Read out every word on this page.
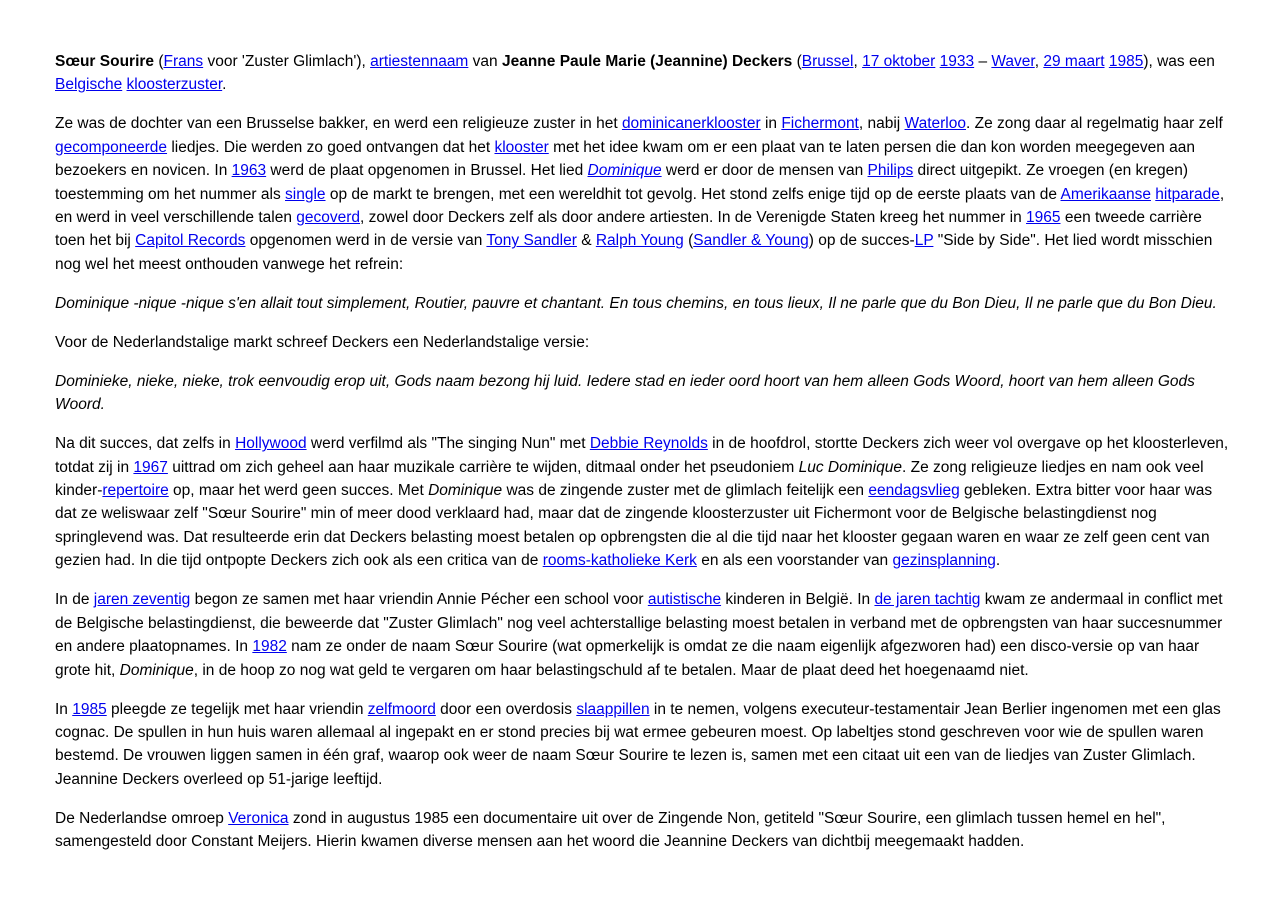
Sœur Sourire (Frans voor 'Zuster Glimlach'), artiestennaam van Jeanne Paule Marie (Jeannine) Deckers (Brussel, 17 oktober 1933 – Waver, 29 maart 1985), was een Belgische kloosterzuster.

Ze was de dochter van een Brusselse bakker, en werd een religieuze zuster in het dominicanerklooster in Fichermont, nabij Waterloo. Ze zong daar al regelmatig haar zelf gecomponeerde liedjes. Die werden zo goed ontvangen dat het klooster met het idee kwam om er een plaat van te laten persen die dan kon worden meegegeven aan bezoekers en novicen. In 1963 werd de plaat opgenomen in Brussel. Het lied Dominique werd er door de mensen van Philips direct uitgepikt. Ze vroegen (en kregen) toestemming om het nummer als single op de markt te brengen, met een wereldhit tot gevolg. Het stond zelfs enige tijd op de eerste plaats van de Amerikaanse hitparade, en werd in veel verschillende talen gecoverd, zowel door Deckers zelf als door andere artiesten. In de Verenigde Staten kreeg het nummer in 1965 een tweede carrière toen het bij Capitol Records opgenomen werd in de versie van Tony Sandler & Ralph Young (Sandler & Young) op de succes-LP "Side by Side". Het lied wordt misschien nog wel het meest onthouden vanwege het refrein:

Dominique -nique -nique s'en allait tout simplement, Routier, pauvre et chantant. En tous chemins, en tous lieux, Il ne parle que du Bon Dieu, Il ne parle que du Bon Dieu.

Voor de Nederlandstalige markt schreef Deckers een Nederlandstalige versie:

Dominieke, nieke, nieke, trok eenvoudig erop uit, Gods naam bezong hij luid. Iedere stad en ieder oord hoort van hem alleen Gods Woord, hoort van hem alleen Gods Woord.

Na dit succes, dat zelfs in Hollywood werd verfilmd als "The singing Nun" met Debbie Reynolds in de hoofdrol, stortte Deckers zich weer vol overgave op het kloosterleven, totdat zij in 1967 uittrad om zich geheel aan haar muzikale carrière te wijden, ditmaal onder het pseudoniem Luc Dominique. Ze zong religieuze liedjes en nam ook veel kinder-repertoire op, maar het werd geen succes. Met Dominique was de zingende zuster met de glimlach feitelijk een eendagsvlieg gebleken. Extra bitter voor haar was dat ze weliswaar zelf "Sœur Sourire" min of meer dood verklaard had, maar dat de zingende kloosterzuster uit Fichermont voor de Belgische belastingdienst nog springlevend was. Dat resulteerde erin dat Deckers belasting moest betalen op opbrengsten die al die tijd naar het klooster gegaan waren en waar ze zelf geen cent van gezien had. In die tijd ontpopte Deckers zich ook als een critica van de rooms-katholieke Kerk en als een voorstander van gezinsplanning.

In de jaren zeventig begon ze samen met haar vriendin Annie Pécher een school voor autistische kinderen in België. In de jaren tachtig kwam ze andermaal in conflict met de Belgische belastingdienst, die beweerde dat "Zuster Glimlach" nog veel achterstallige belasting moest betalen in verband met de opbrengsten van haar succesnummer en andere plaatopnames. In 1982 nam ze onder de naam Sœur Sourire (wat opmerkelijk is omdat ze die naam eigenlijk afgezworen had) een disco-versie op van haar grote hit, Dominique, in de hoop zo nog wat geld te vergaren om haar belastingschuld af te betalen. Maar de plaat deed het hoegenaamd niet.

In 1985 pleegde ze tegelijk met haar vriendin zelfmoord door een overdosis slaappillen in te nemen, volgens executeur-testamentair Jean Berlier ingenomen met een glas cognac. De spullen in hun huis waren allemaal al ingepakt en er stond precies bij wat ermee gebeuren moest. Op labeltjes stond geschreven voor wie de spullen waren bestemd. De vrouwen liggen samen in één graf, waarop ook weer de naam Sœur Sourire te lezen is, samen met een citaat uit een van de liedjes van Zuster Glimlach. Jeannine Deckers overleed op 51-jarige leeftijd.

De Nederlandse omroep Veronica zond in augustus 1985 een documentaire uit over de Zingende Non, getiteld "Sœur Sourire, een glimlach tussen hemel en hel", samengesteld door Constant Meijers. Hierin kwamen diverse mensen aan het woord die Jeannine Deckers van dichtbij meegemaakt hadden.
